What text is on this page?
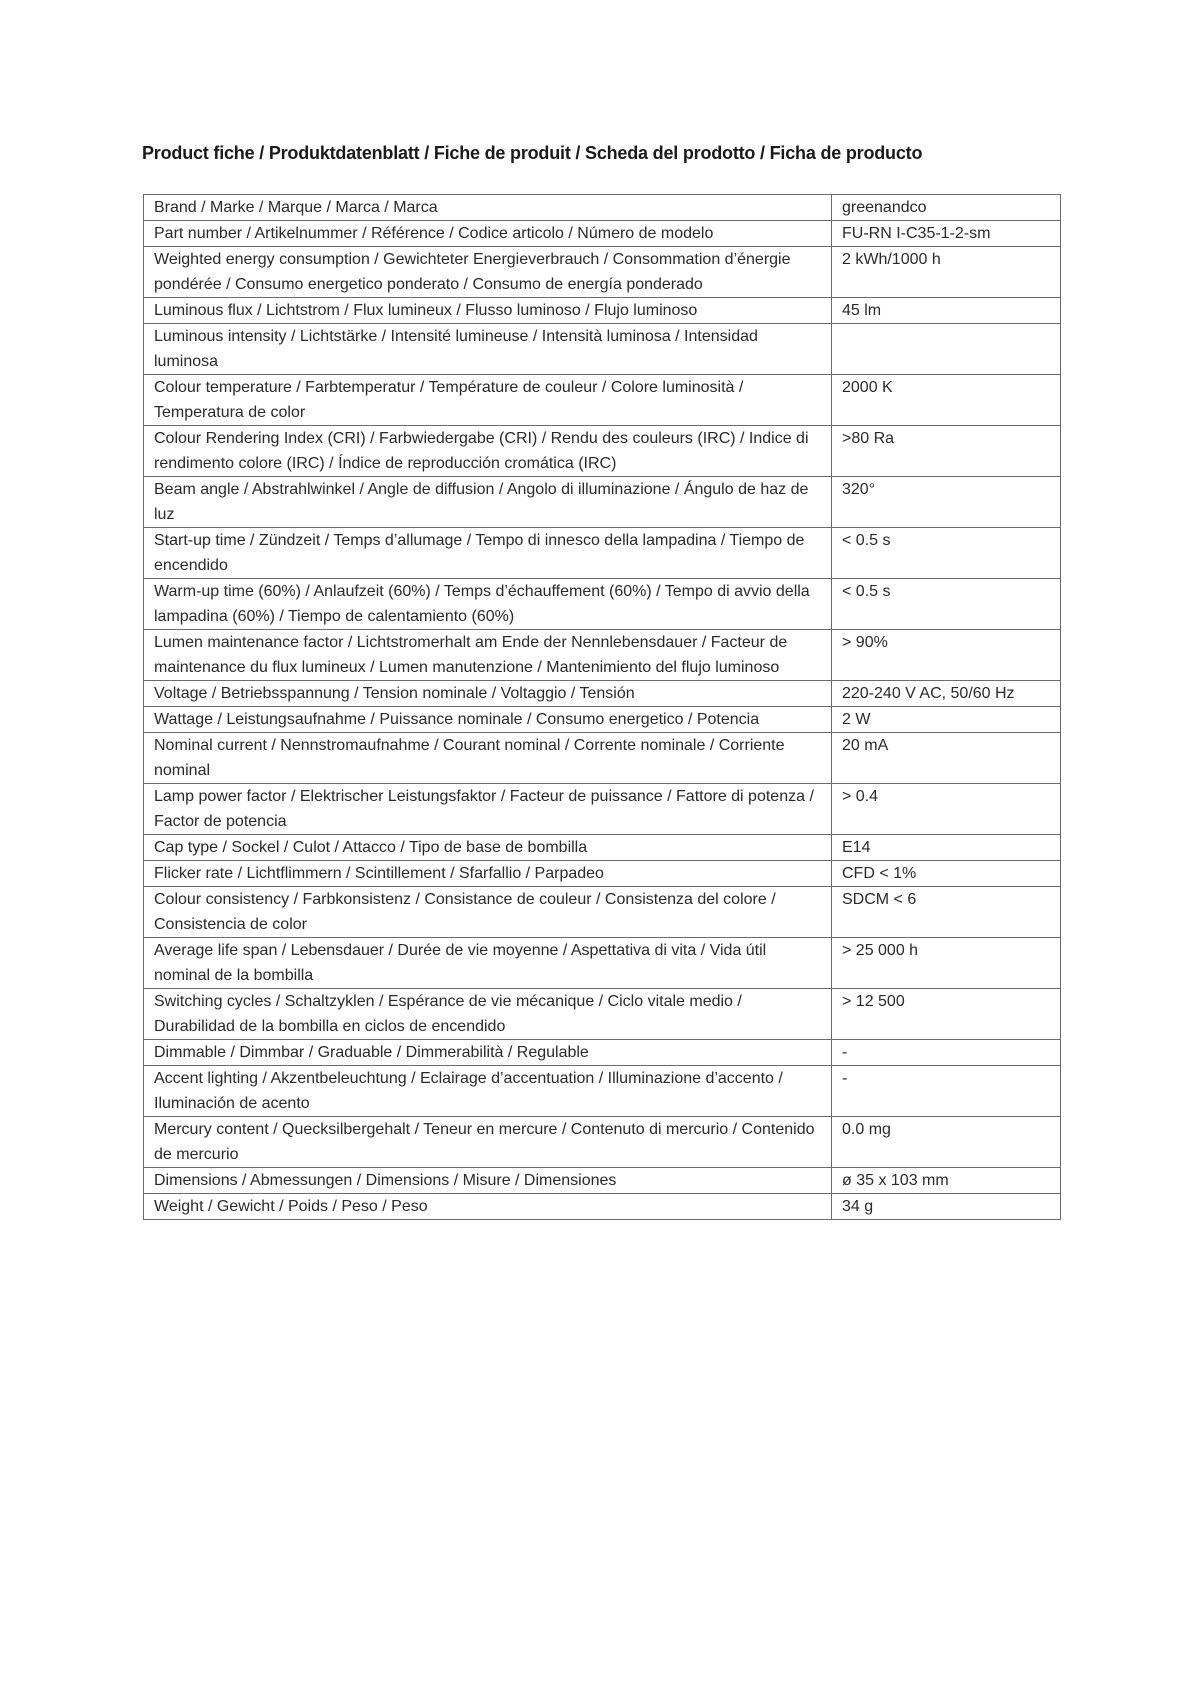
Product fiche / Produktdatenblatt / Fiche de produit / Scheda del prodotto / Ficha de producto
Brand / Marke / Marque / Marca / Marca	greenandco
Part number / Artikelnummer / Référence / Codice articolo / Número de modelo	FU-RN I-C35-1-2-sm
Weighted energy consumption / Gewichteter Energieverbrauch / Consommation d’énergie pondérée / Consumo energetico ponderato / Consumo de energía ponderado	2 kWh/1000 h
Luminous flux / Lichtstrom / Flux lumineux / Flusso luminoso / Flujo luminoso	45 lm
Luminous intensity / Lichtstärke / Intensité lumineuse / Intensità luminosa / Intensidad luminosa	
Colour temperature / Farbtemperatur / Température de couleur / Colore luminosità / Temperatura de color	2000 K
Colour Rendering Index (CRI) / Farbwiedergabe (CRI) / Rendu des couleurs (IRC) / Indice di rendimento colore (IRC) / Índice de reproducción cromática (IRC)	>80 Ra
Beam angle / Abstrahlwinkel / Angle de diffusion / Angolo di illuminazione / Ángulo de haz de luz	320°
Start-up time / Zündzeit / Temps d’allumage / Tempo di innesco della lampadina / Tiempo de encendido	< 0.5 s
Warm-up time (60%) / Anlaufzeit (60%) / Temps d’échauffement (60%) / Tempo di avvio della lampadina (60%) / Tiempo de calentamiento (60%)	< 0.5 s
Lumen maintenance factor / Lichtstromerhalt am Ende der Nennlebensdauer / Facteur de maintenance du flux lumineux / Lumen manutenzione / Mantenimiento del flujo luminoso	> 90%
Voltage / Betriebsspannung / Tension nominale / Voltaggio / Tensión	220-240 V AC, 50/60 Hz
Wattage / Leistungsaufnahme / Puissance nominale / Consumo energetico / Potencia	2 W
Nominal current / Nennstromaufnahme / Courant nominal / Corrente nominale / Corriente nominal	20 mA
Lamp power factor / Elektrischer Leistungsfaktor / Facteur de puissance / Fattore di potenza / Factor de potencia	> 0.4
Cap type / Sockel / Culot / Attacco / Tipo de base de bombilla	E14
Flicker rate / Lichtflimmern / Scintillement / Sfarfallio / Parpadeo	CFD < 1%
Colour consistency / Farbkonsistenz / Consistance de couleur / Consistenza del colore / Consistencia de color	SDCM < 6
Average life span / Lebensdauer / Durée de vie moyenne / Aspettativa di vita / Vida útil nominal de la bombilla	> 25 000 h
Switching cycles / Schaltzyklen / Espérance de vie mécanique / Ciclo vitale medio / Durabilidad de la bombilla en ciclos de encendido	> 12 500
Dimmable / Dimmbar / Graduable / Dimmerabilità / Regulable	-
Accent lighting / Akzentbeleuchtung / Eclairage d’accentuation / Illuminazione d’accento / Iluminación de acento	-
Mercury content / Quecksilbergehalt / Teneur en mercure / Contenuto di mercurio / Contenido de mercurio	0.0 mg
Dimensions / Abmessungen / Dimensions / Misure / Dimensiones	ø 35 x 103 mm
Weight / Gewicht / Poids / Peso / Peso	34 g
